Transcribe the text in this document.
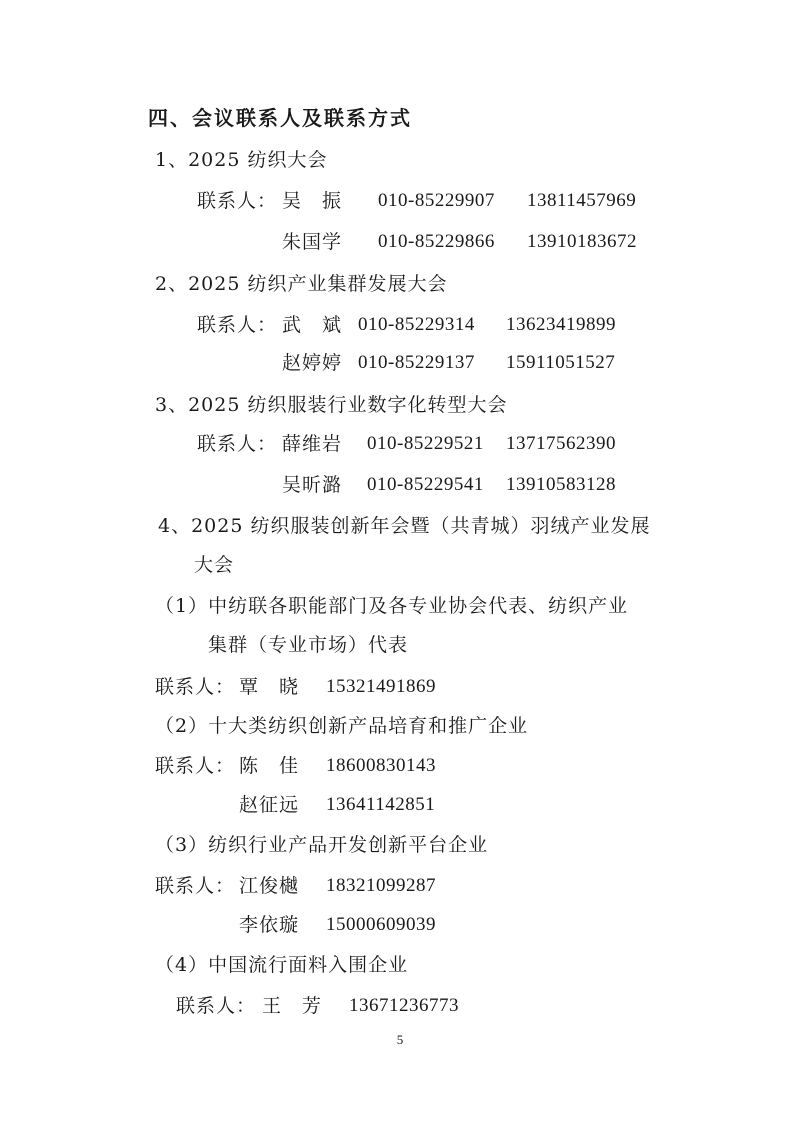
四、会议联系人及联系方式
1、2025 纺织大会
联系人： 吴　振 010-85229907 13811457969
朱国学 010-85229866 13910183672
2、2025 纺织产业集群发展大会
联系人： 武　斌 010-85229314 13623419899
赵婷婷 010-85229137 15911051527
3、2025 纺织服装行业数字化转型大会
联系人： 薛维岩 010-85229521 13717562390
吴昕潞 010-85229541 13910583128
4、2025 纺织服装创新年会暨（共青城）羽绒产业发展
大会
（1）中纺联各职能部门及各专业协会代表、纺织产业
集群（专业市场）代表
联系人： 覃　晓 15321491869
（2）十大类纺织创新产品培育和推广企业
联系人： 陈　佳 18600830143
赵征远 13641142851
（3）纺织行业产品开发创新平台企业
联系人： 江俊樾 18321099287
李依璇 15000609039
（4）中国流行面料入围企业
联系人： 王　芳 13671236773
5
